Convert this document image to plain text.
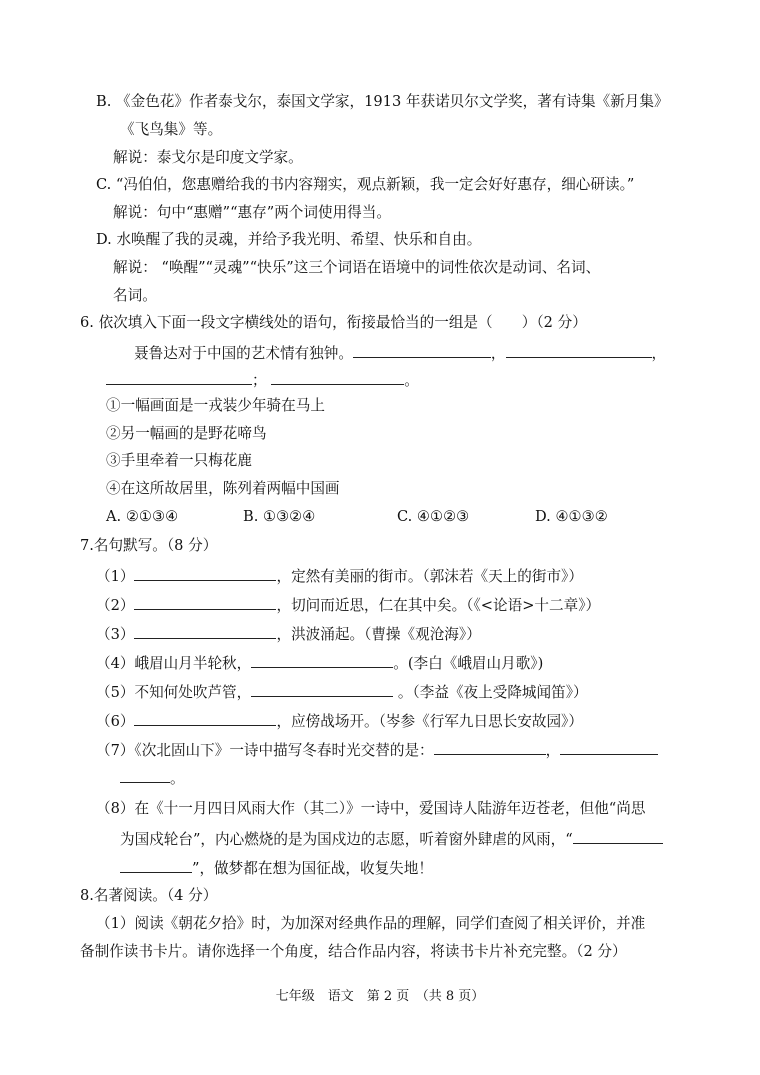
B. 《金色花》作者泰戈尔，泰国文学家，1913 年获诺贝尔文学奖，著有诗集《新月集》
《飞鸟集》等。
解说：泰戈尔是印度文学家。
C. “冯伯伯，您惠赠给我的书内容翔实，观点新颖，我一定会好好惠存，细心研读。”
解说：句中“惠赠”“惠存”两个词使用得当。
D. 水唤醒了我的灵魂，并给予我光明、希望、快乐和自由。
解说： “唤醒”“灵魂”“快乐”这三个词语在语境中的词性依次是动词、名词、
名词。
6. 依次填入下面一段文字横线处的语句，衔接最恰当的一组是（　　）（2 分）
聂鲁达对于中国的艺术情有独钟。	，	，
；	。
①一幅画面是一戎装少年骑在马上
②另一幅画的是野花啼鸟
③手里牵着一只梅花鹿
④在这所故居里，陈列着两幅中国画
A. ②①③④	B. ①③②④	C. ④①②③	D. ④①③②
7.名句默写。（8 分）
（1）	，定然有美丽的街市。（郭沫若《天上的街市》）
（2）	，切问而近思，仁在其中矣。（《<论语>十二章》）
（3）	，洪波涌起。（曹操《观沧海》）
（4）峨眉山月半轮秋，	。(李白《峨眉山月歌》)
（5）不知何处吹芦管，	。（李益《夜上受降城闻笛》）
（6）	，应傍战场开。（岑参《行军九日思长安故园》）
（7）《次北固山下》一诗中描写冬春时光交替的是：	，
。
（8）在《十一月四日风雨大作（其二）》一诗中，爱国诗人陆游年迈苍老，但他“尚思
为国戍轮台”，内心燃烧的是为国戍边的志愿，听着窗外肆虐的风雨，“
”，做梦都在想为国征战，收复失地！
8.名著阅读。（4 分）
（1）阅读《朝花夕拾》时，为加深对经典作品的理解，同学们查阅了相关评价，并准
备制作读书卡片。请你选择一个角度，结合作品内容，将读书卡片补充完整。（2 分）
七年级　语文　第 2 页　（共 8 页）
